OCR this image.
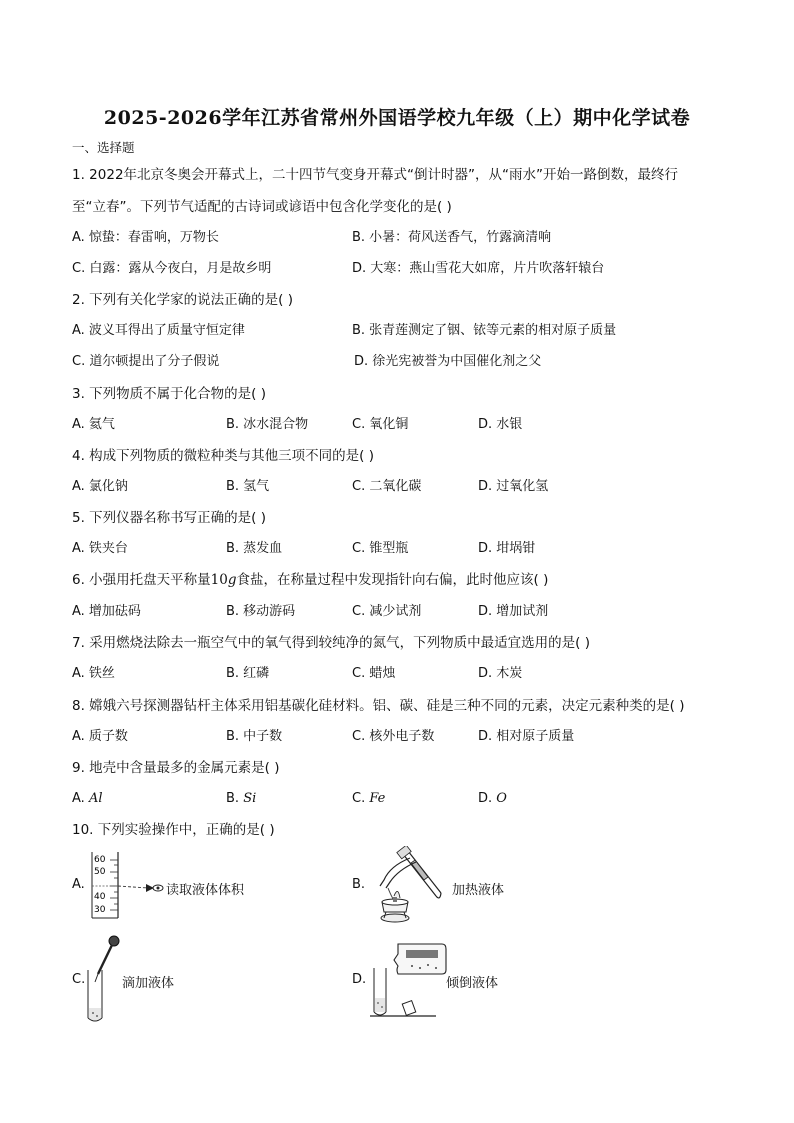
2025-2026学年江苏省常州外国语学校九年级（上）期中化学试卷
一、选择题
1. 2022年北京冬奥会开幕式上，二十四节气变身开幕式“倒计时器”，从“雨水”开始一路倒数，最终行
至“立春”。下列节气适配的古诗词或谚语中包含化学变化的是( )
A. 惊蛰：春雷响，万物长	B. 小暑：荷风送香气，竹露滴清响
C. 白露：露从今夜白，月是故乡明	D. 大寒：燕山雪花大如席，片片吹落轩辕台
2. 下列有关化学家的说法正确的是( )
A. 波义耳得出了质量守恒定律	B. 张青莲测定了铟、铱等元素的相对原子质量
C. 道尔顿提出了分子假说	D. 徐光宪被誉为中国催化剂之父
3. 下列物质不属于化合物的是( )
A. 氦气	B. 冰水混合物	C. 氧化铜	D. 水银
4. 构成下列物质的微粒种类与其他三项不同的是( )
A. 氯化钠	B. 氢气	C. 二氧化碳	D. 过氧化氢
5. 下列仪器名称书写正确的是( )
A. 铁夹台	B. 蒸发血	C. 锥型瓶	D. 坩埚钳
6. 小强用托盘天平称量10g食盐，在称量过程中发现指针向右偏，此时他应该( )
A. 增加砝码	B. 移动游码	C. 减少试剂	D. 增加试剂
7. 采用燃烧法除去一瓶空气中的氧气得到较纯净的氮气，下列物质中最适宜选用的是( )
A. 铁丝	B. 红磷	C. 蜡烛	D. 木炭
8. 嫦娥六号探测器钻杆主体采用铝基碳化硅材料。铝、碳、硅是三种不同的元素，决定元素种类的是( )
A. 质子数	B. 中子数	C. 核外电子数	D. 相对原子质量
9. 地壳中含量最多的金属元素是( )
A. Al	B. Si	C. Fe	D. O
10. 下列实验操作中，正确的是( )
A.
60
50
40
30
读取液体体积	B.	加热液体
C.	滴加液体	D.	倾倒液体
